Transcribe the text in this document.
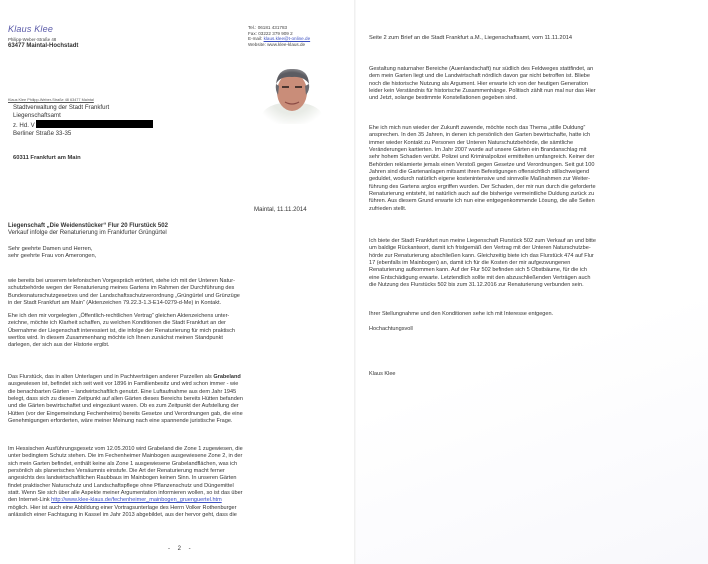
Klaus Klee
Philipp-Weber-Straße 48
63477 Maintal-Hochstadt
Tel.: 06181 431783
Fax: 03222 379 909 2
E-mail: klaus.klee@t-online.de
Website: www.klee-klaus.de
Klaus Klee Philipp-Weber-Straße 48 63477 Maintal
Stadtverwaltung der Stadt Frankfurt
Liegenschaftsamt
z. Hd. V
Berliner Straße 33-35
60311 Frankfurt am Main
Maintal, 11.11.2014
Liegenschaft „Die Weidenstücker“ Flur 20 Flurstück 502
Verkauf infolge der Renaturierung im Frankfurter Grüngürtel
Sehr geehrte Damen und Herren,
sehr geehrte Frau von Amerongen,
wie bereits bei unserem telefonischen Vorgespräch erörtert, stehe ich mit der Unteren Natur-
schutzbehörde wegen der Renaturierung meines Gartens im Rahmen der Durchführung des
Bundesnaturschutzgesetzes und der Landschaftsschutzverordnung „Grüngürtel und Grünzüge
in der Stadt Frankfurt am Main“ (Aktenzeichen 79.22.3-1.3-E14-0279-d-Me) in Kontakt.
Ehe ich den mir vorgelegten „Öffentlich-rechtlichen Vertrag“ gleichen Aktenzeichens unter-
zeichne, möchte ich Klarheit schaffen, zu welchen Konditionen die Stadt Frankfurt an der
Übernahme der Liegenschaft interessiert ist, die infolge der Renaturierung für mich praktisch
wertlos wird. In diesem Zusammenhang möchte ich Ihnen zunächst meinen Standpunkt
darlegen, der sich aus der Historie ergibt.
Das Flurstück, das in alten Unterlagen und in Pachtverträgen anderer Parzellen als Grabeland
ausgewiesen ist, befindet sich seit weit vor 1896 in Familienbesitz und wird schon immer - wie
die benachbarten Gärten – landwirtschaftlich genutzt. Eine Luftaufnahme aus dem Jahr 1945
belegt, dass sich zu diesem Zeitpunkt auf allen Gärten dieses Bereichs bereits Hütten befanden
und die Gärten bewirtschaftet und eingezäunt waren. Ob es zum Zeitpunkt der Aufstellung der
Hütten (vor der Eingemeindung Fechenheims) bereits Gesetze und Verordnungen gab, die eine
Genehmigungen erforderten, wäre meiner Meinung nach eine spannende juristische Frage.
Im Hessischen Ausführungsgesetz vom 12.05.2010 wird Grabeland die Zone 1 zugewiesen, die
unter bedingtem Schutz stehen. Die im Fechenheimer Mainbogen ausgewiesene Zone 2, in der
sich mein Garten befindet, enthält keine als Zone 1 ausgewiesene Grabelandflächen, was ich
persönlich als planerisches Versäumnis einstufe. Die Art der Renaturierung macht ferner
angesichts des landwirtschaftlichen Raubbaus im Mainbogen keinen Sinn. In unseren Gärten
findet praktischer Naturschutz und Landschaftspflege ohne Pflanzenschutz und Düngemittel
statt. Wenn Sie sich über alle Aspekte meiner Argumentation informieren wollen, so ist das über
den Internet-Link http://www.klee-klaus.de/fechenheimer_mainbogen_gruenguertel.htm
möglich. Hier ist auch eine Abbildung einer Vortragsunterlage des Herrn Volker Rothenburger
anlässlich einer Fachtagung in Kassel im Jahr 2013 abgebildet, aus der hervor geht, dass die
- 2 -
Seite 2 zum Brief an die Stadt Frankfurt a.M., Liegenschaftsamt, vom 11.11.2014
Gestaltung naturnaher Bereiche (Auenlandschaft) nur südlich des Feldweges stattfindet, an
dem mein Garten liegt und die Landwirtschaft nördlich davon gar nicht betroffen ist. Bliebe
noch die historische Nutzung als Argument. Hier erwarte ich von der heutigen Generation
leider kein Verständnis für historische Zusammenhänge. Politisch zählt nun mal nur das Hier
und Jetzt, solange bestimmte Konstellationen gegeben sind.
Ehe ich mich nun wieder der Zukunft zuwende, möchte noch das Thema „stille Duldung“
ansprechen. In den 35 Jahren, in denen ich persönlich den Garten bewirtschafte, hatte ich
immer wieder Kontakt zu Personen der Unteren Naturschutzbehörde, die sämtliche
Veränderungen kartierten. Im Jahr 2007 wurde auf unsere Gärten ein Brandanschlag mit
sehr hohem Schaden verübt. Polizei und Kriminalpolizei ermittelten umfangreich. Keiner der
Behörden reklamierte jemals einen Verstoß gegen Gesetze und Verordnungen. Seit gut 100
Jahren sind die Gartenanlagen mitsamt ihren Befestigungen offensichtlich stillschweigend
geduldet, wodurch natürlich eigene kostenintensive und sinnvolle Maßnahmen zur Weiter-
führung des Gartens arglos ergriffen wurden. Der Schaden, der mir nun durch die geforderte
Renaturierung entsteht, ist natürlich auch auf die bisherige vermeintliche Duldung zurück zu
führen. Aus diesem Grund erwarte ich nun eine entgegenkommende Lösung, die alle Seiten
zufrieden stellt.
Ich biete der Stadt Frankfurt nun meine Liegenschaft Flurstück 502 zum Verkauf an und bitte
um baldige Rückantwort, damit ich fristgemäß den Vertrag mit der Unteren Naturschutzbe-
hörde zur Renaturierung abschließen kann. Gleichzeitig biete ich das Flurstück 474 auf Flur
17 (ebenfalls im Mainbogen) an, damit ich für die Kosten der mir aufgezwungenen
Renaturierung aufkommen kann. Auf der Flur 502 befinden sich 5 Obstbäume, für die ich
eine Entschädigung erwarte. Letztendlich sollte mit den abzuschließenden Verträgen auch
die Nutzung des Flurstücks 502 bis zum 31.12.2016 zur Renaturierung verbunden sein.
Ihrer Stellungnahme und den Konditionen sehe ich mit Interesse entgegen.
Hochachtungsvoll
Klaus Klee
